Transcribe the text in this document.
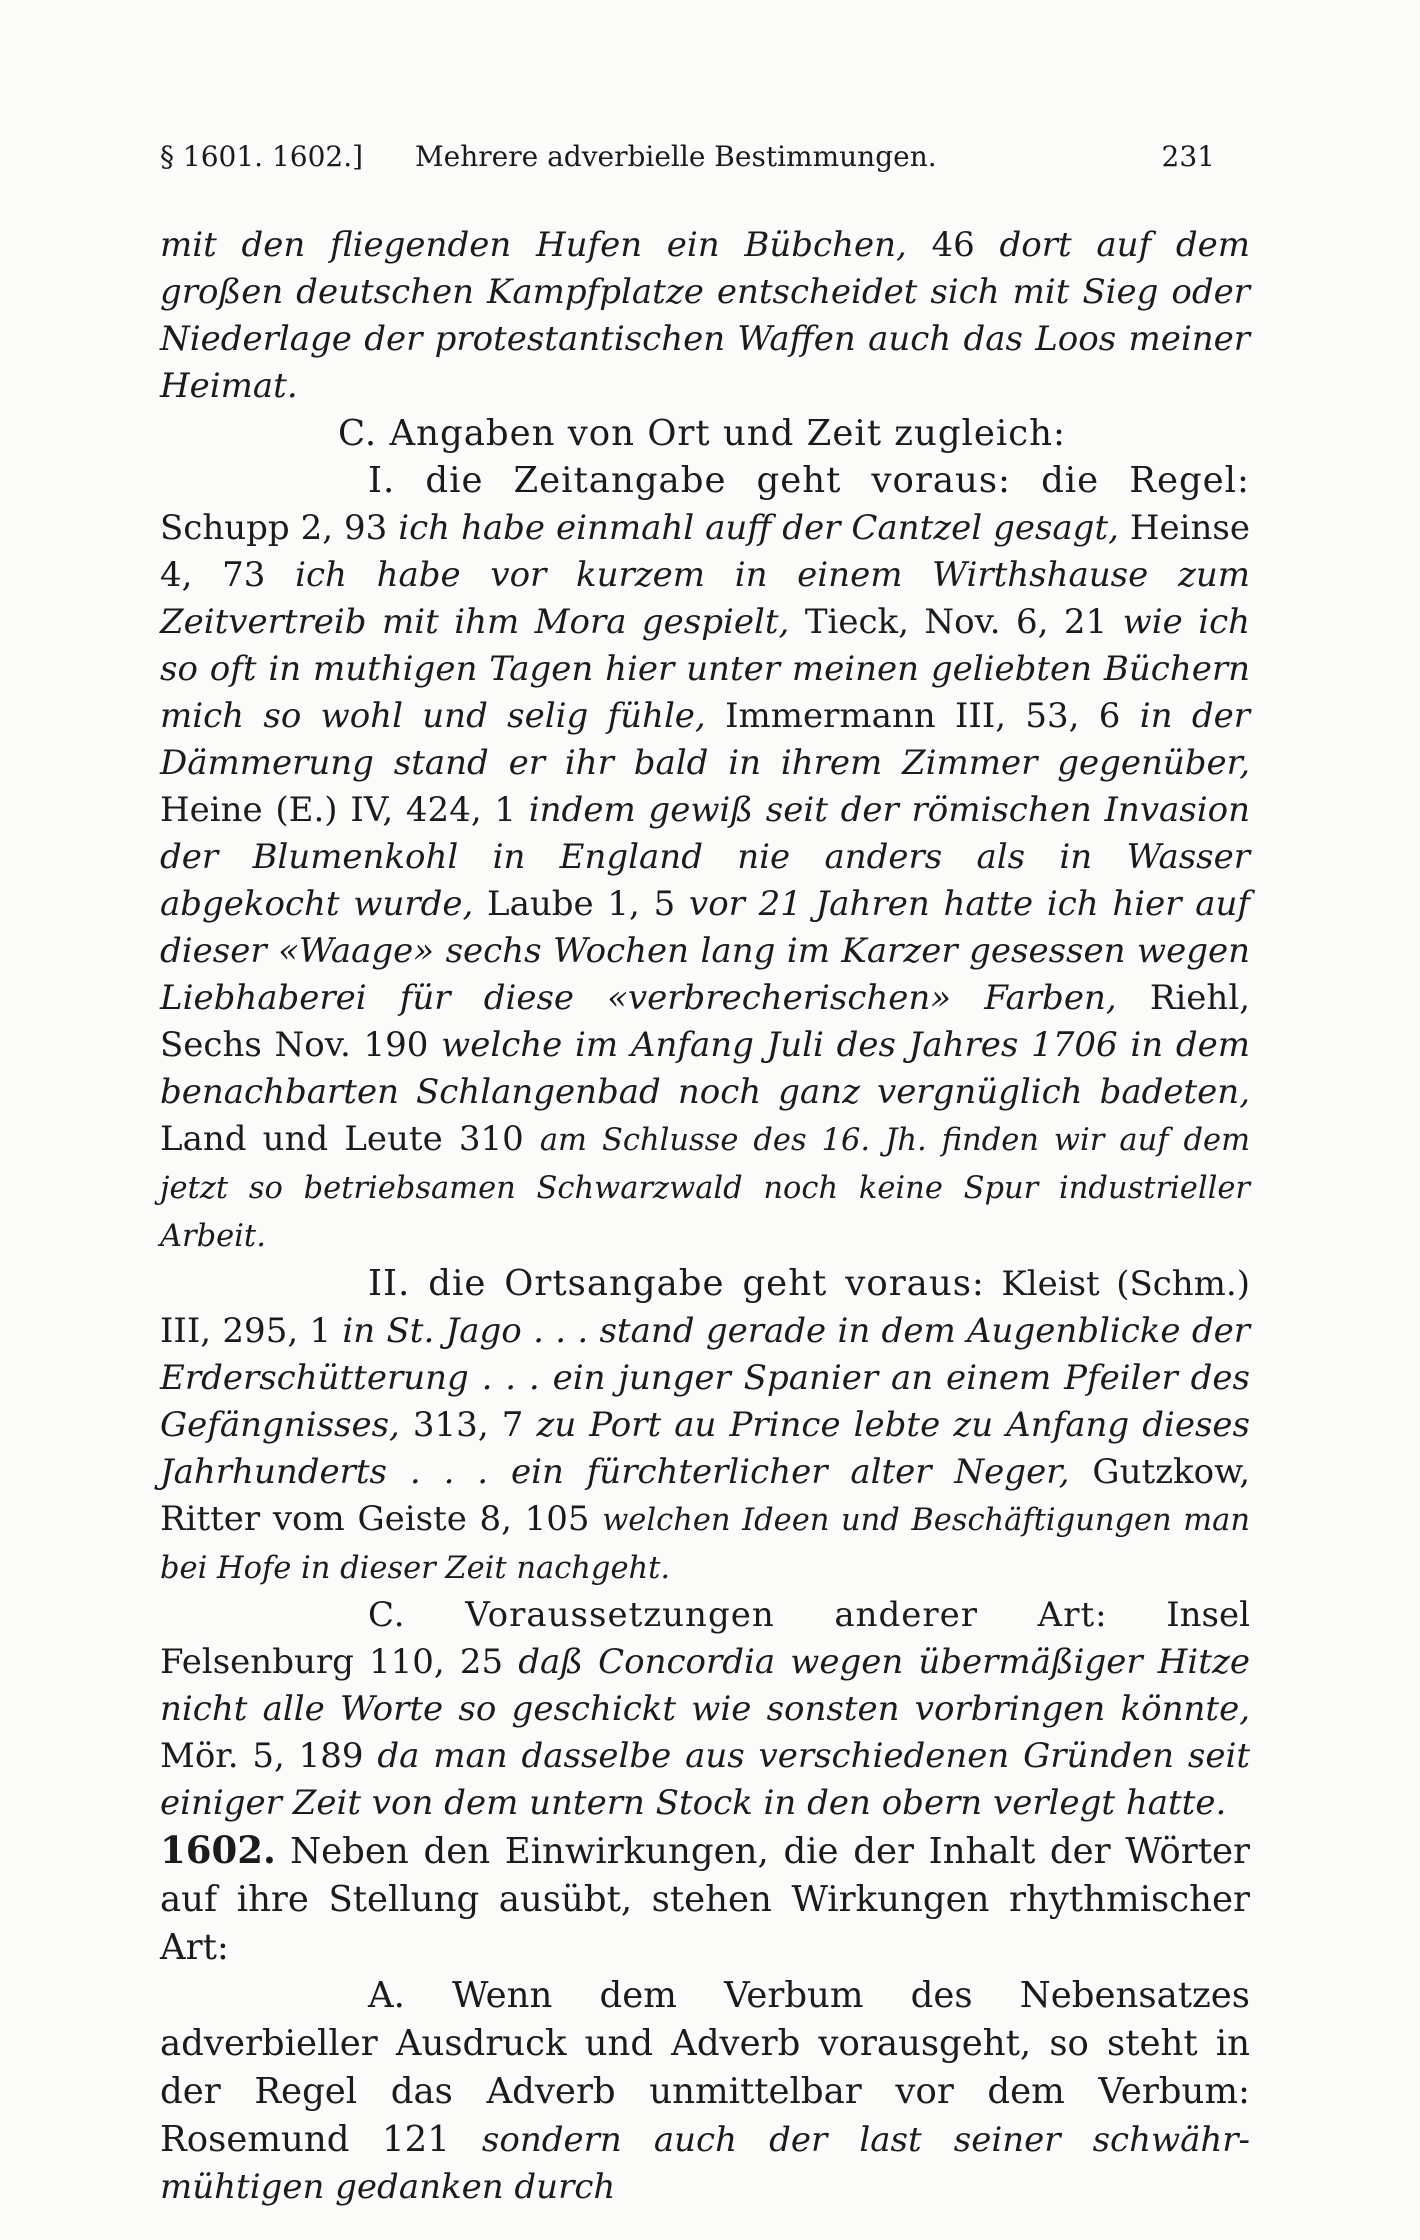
§ 1601. 1602.] Mehrere adverbielle Bestimmungen.	231

mit den fliegenden Hufen ein Bübchen, 46 dort auf dem großen deutschen Kampfplatze entscheidet sich mit Sieg oder Niederlage der protestantischen Waffen auch das Loos meiner Heimat.

C. Angaben von Ort und Zeit zugleich:

I. die Zeitangabe geht voraus: die Regel: Schupp 2, 93 ich habe einmahl auff der Cantzel gesagt, Heinse 4, 73 ich habe vor kurzem in einem Wirthshause zum Zeitvertreib mit ihm Mora gespielt, Tieck, Nov. 6, 21 wie ich so oft in muthigen Tagen hier unter meinen geliebten Büchern mich so wohl und selig fühle, Immermann III, 53, 6 in der Dämmerung stand er ihr bald in ihrem Zimmer gegenüber, Heine (E.) IV, 424, 1 indem gewiß seit der römischen Invasion der Blumenkohl in England nie anders als in Wasser abgekocht wurde, Laube 1, 5 vor 21 Jahren hatte ich hier auf dieser «Waage» sechs Wochen lang im Karzer gesessen wegen Liebhaberei für diese «verbrecherischen» Farben, Riehl, Sechs Nov. 190 welche im Anfang Juli des Jahres 1706 in dem benachbarten Schlangenbad noch ganz vergnüglich badeten, Land und Leute 310 am Schlusse des 16. Jh. finden wir auf dem jetzt so betriebsamen Schwarzwald noch keine Spur industrieller Arbeit.

II. die Ortsangabe geht voraus: Kleist (Schm.) III, 295, 1 in St. Jago . . . stand gerade in dem Augenblicke der Erderschütterung . . . ein junger Spanier an einem Pfeiler des Gefängnisses, 313, 7 zu Port au Prince lebte zu Anfang dieses Jahrhunderts . . . ein fürchterlicher alter Neger, Gutzkow, Ritter vom Geiste 8, 105 welchen Ideen und Beschäftigungen man bei Hofe in dieser Zeit nachgeht.

C. Voraussetzungen anderer Art: Insel Felsenburg 110, 25 daß Concordia wegen übermäßiger Hitze nicht alle Worte so geschickt wie sonsten vorbringen könnte, Mör. 5, 189 da man dasselbe aus verschiedenen Gründen seit einiger Zeit von dem untern Stock in den obern verlegt hatte.

1602. Neben den Einwirkungen, die der Inhalt der Wörter auf ihre Stellung ausübt, stehen Wirkungen rhythmischer Art:

A. Wenn dem Verbum des Nebensatzes adverbieller Ausdruck und Adverb vorausgeht, so steht in der Regel das Adverb unmittelbar vor dem Verbum: Rosemund 121 sondern auch der last seiner schwähr-mühtigen gedanken durch
